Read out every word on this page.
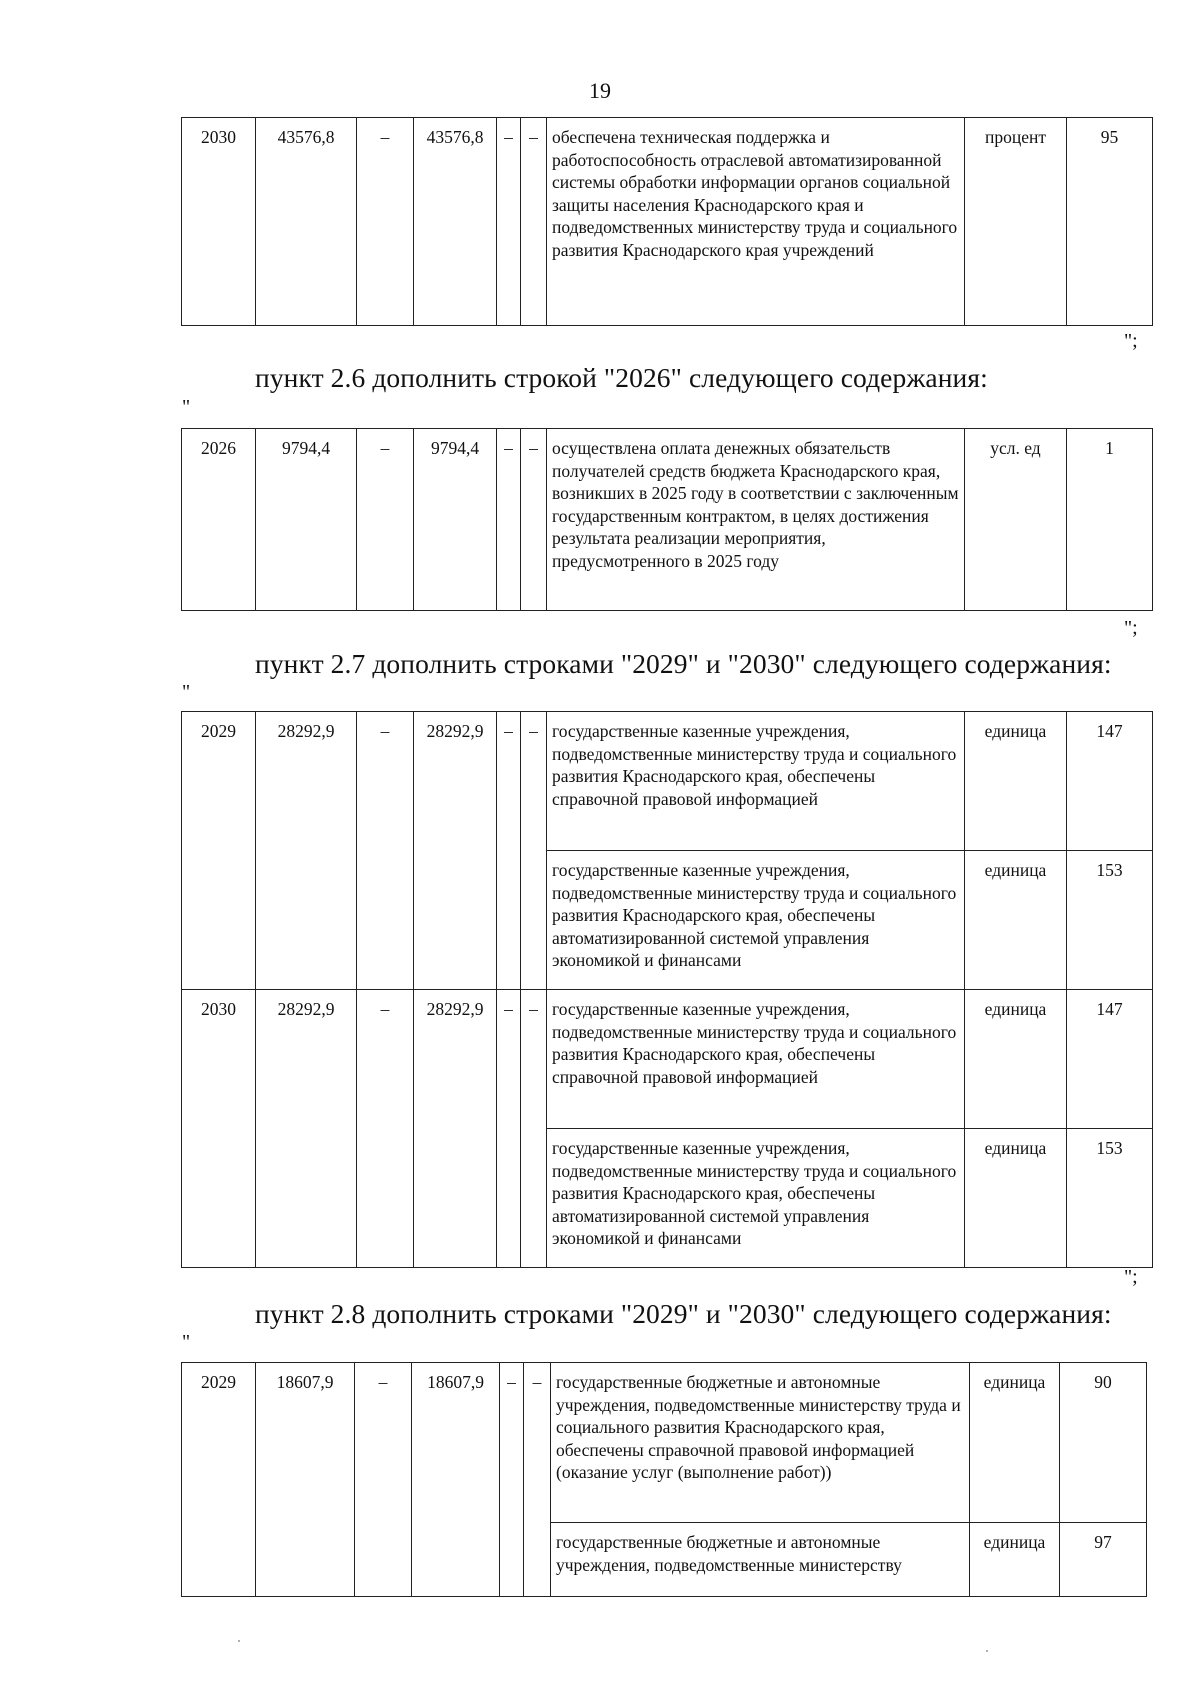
19
2030	43576,8	–	43576,8	–	–	обеспечена техническая поддержка и работоспособность отраслевой автоматизированной системы обработки информации органов социальной защиты населения Краснодарского края и подведомственных министерству труда и социального развития Краснодарского края учреждений	процент	95
";
пункт 2.6 дополнить строкой "2026" следующего содержания:
"
2026	9794,4	–	9794,4	–	–	осуществлена оплата денежных обязательств получателей средств бюджета Краснодарского края, возникших в 2025 году в соответствии с заключенным государственным контрактом, в целях достижения результата реализации мероприятия, предусмотренного в 2025 году	усл. ед	1
";
пункт 2.7 дополнить строками "2029" и "2030" следующего содержания:
"
2029	28292,9	–	28292,9	–	–	государственные казенные учреждения, подведомственные министерству труда и социального развития Краснодарского края, обеспечены справочной правовой информацией	единица	147
						государственные казенные учреждения, подведомственные министерству труда и социального развития Краснодарского края, обеспечены автоматизированной системой управления экономикой и финансами	единица	153
2030	28292,9	–	28292,9	–	–	государственные казенные учреждения, подведомственные министерству труда и социального развития Краснодарского края, обеспечены справочной правовой информацией	единица	147
						государственные казенные учреждения, подведомственные министерству труда и социального развития Краснодарского края, обеспечены автоматизированной системой управления экономикой и финансами	единица	153
";
пункт 2.8 дополнить строками "2029" и "2030" следующего содержания:
"
2029	18607,9	–	18607,9	–	–	государственные бюджетные и автономные учреждения, подведомственные министерству труда и социального развития Краснодарского края, обеспечены справочной правовой информацией (оказание услуг (выполнение работ))	единица	90
						государственные бюджетные и автономные учреждения, подведомственные министерству	единица	97
